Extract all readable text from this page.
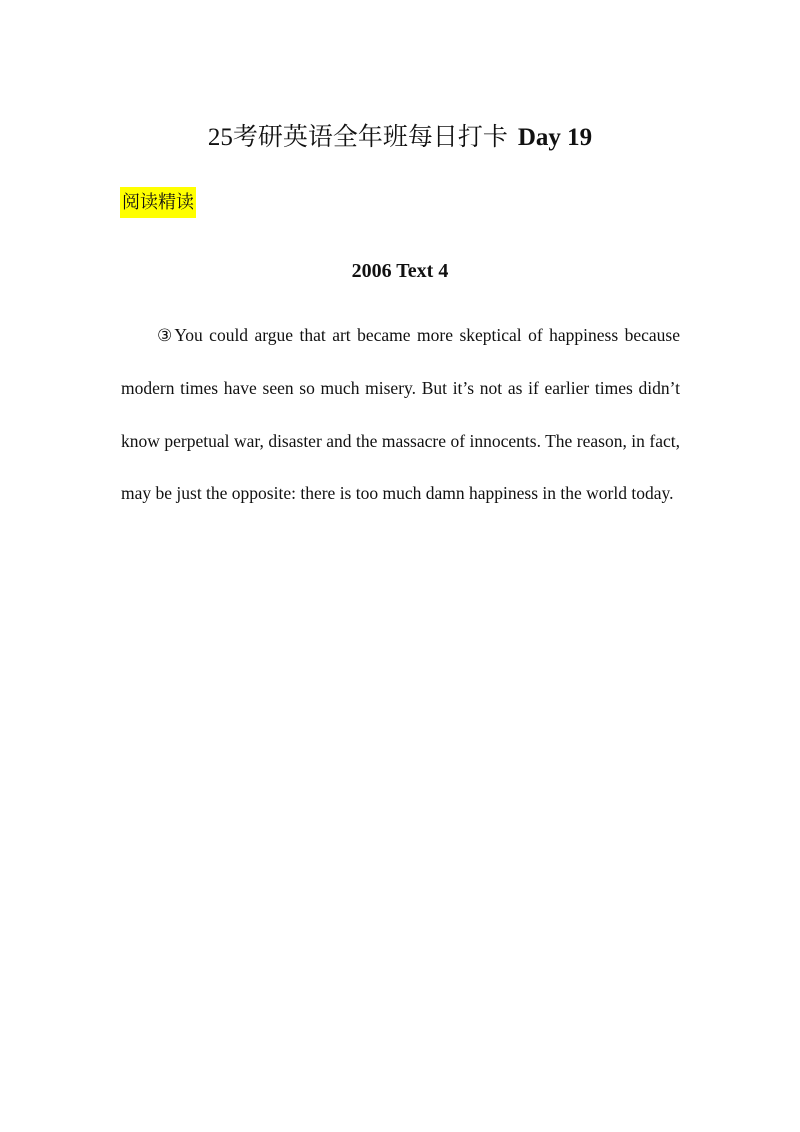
25考研英语全年班每日打卡 Day 19
阅读精读
2006 Text 4

③You could argue that art became more skeptical of happiness because modern times have seen so much misery. But it’s not as if earlier times didn’t know perpetual war, disaster and the massacre of innocents. The reason, in fact, may be just the opposite: there is too much damn happiness in the world today.
